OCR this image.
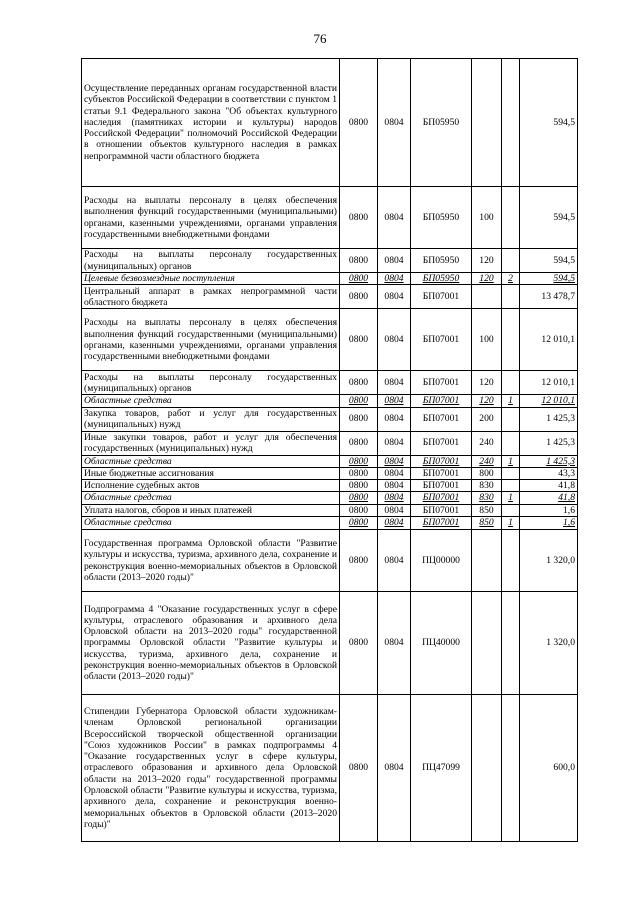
76
Осуществление переданных органам государственной власти субъектов Российской Федерации в соответствии с пунктом 1 статьи 9.1 Федерального закона "Об объектах культурного наследия (памятниках истории и культуры) народов Российской Федерации" полномочий Российской Федерации в отношении объектов культурного наследия в рамках непрограммной части областного бюджета	0800	0804	БП05950			594,5
Расходы на выплаты персоналу в целях обеспечения выполнения функций государственными (муниципальными) органами, казенными учреждениями, органами управления государственными внебюджетными фондами	0800	0804	БП05950	100		594,5
Расходы на выплаты персоналу государственных (муниципальных) органов	0800	0804	БП05950	120		594,5
Целевые безвозмездные поступления	0800	0804	БП05950	120	2	594,5
Центральный аппарат в рамках непрограммной части областного бюджета	0800	0804	БП07001			13 478,7
Расходы на выплаты персоналу в целях обеспечения выполнения функций государственными (муниципальными) органами, казенными учреждениями, органами управления государственными внебюджетными фондами	0800	0804	БП07001	100		12 010,1
Расходы на выплаты персоналу государственных (муниципальных) органов	0800	0804	БП07001	120		12 010,1
Областные средства	0800	0804	БП07001	120	1	12 010,1
Закупка товаров, работ и услуг для государственных (муниципальных) нужд	0800	0804	БП07001	200		1 425,3
Иные закупки товаров, работ и услуг для обеспечения государственных (муниципальных) нужд	0800	0804	БП07001	240		1 425,3
Областные средства	0800	0804	БП07001	240	1	1 425,3
Иные бюджетные ассигнования	0800	0804	БП07001	800		43,3
Исполнение судебных актов	0800	0804	БП07001	830		41,8
Областные средства	0800	0804	БП07001	830	1	41,8
Уплата налогов, сборов и иных платежей	0800	0804	БП07001	850		1,6
Областные средства	0800	0804	БП07001	850	1	1,6
Государственная программа Орловской области "Развитие культуры и искусства, туризма, архивного дела, сохранение и реконструкция военно-мемориальных объектов в Орловской области (2013–2020 годы)"	0800	0804	ПЦ00000			1 320,0
Подпрограмма 4 "Оказание государственных услуг в сфере культуры, отраслевого образования и архивного дела Орловской области на 2013–2020 годы" государственной программы Орловской области "Развитие культуры и искусства, туризма, архивного дела, сохранение и реконструкция военно-мемориальных объектов в Орловской области (2013–2020 годы)"	0800	0804	ПЦ40000			1 320,0
Стипендии Губернатора Орловской области художникам-членам Орловской региональной организации Всероссийской творческой общественной организации "Союз художников России" в рамках подпрограммы 4 "Оказание государственных услуг в сфере культуры, отраслевого образования и архивного дела Орловской области на 2013–2020 годы" государственной программы Орловской области "Развитие культуры и искусства, туризма, архивного дела, сохранение и реконструкция военно-мемориальных объектов в Орловской области (2013–2020 годы)"	0800	0804	ПЦ47099			600,0
